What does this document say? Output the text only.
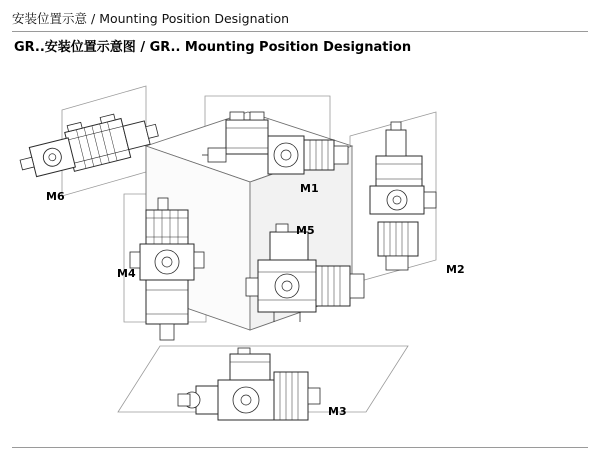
安装位置示意 / Mounting Position Designation
GR..安装位置示意图 / GR.. Mounting Position Designation
M6
M1
M5
M2
M4
M3
